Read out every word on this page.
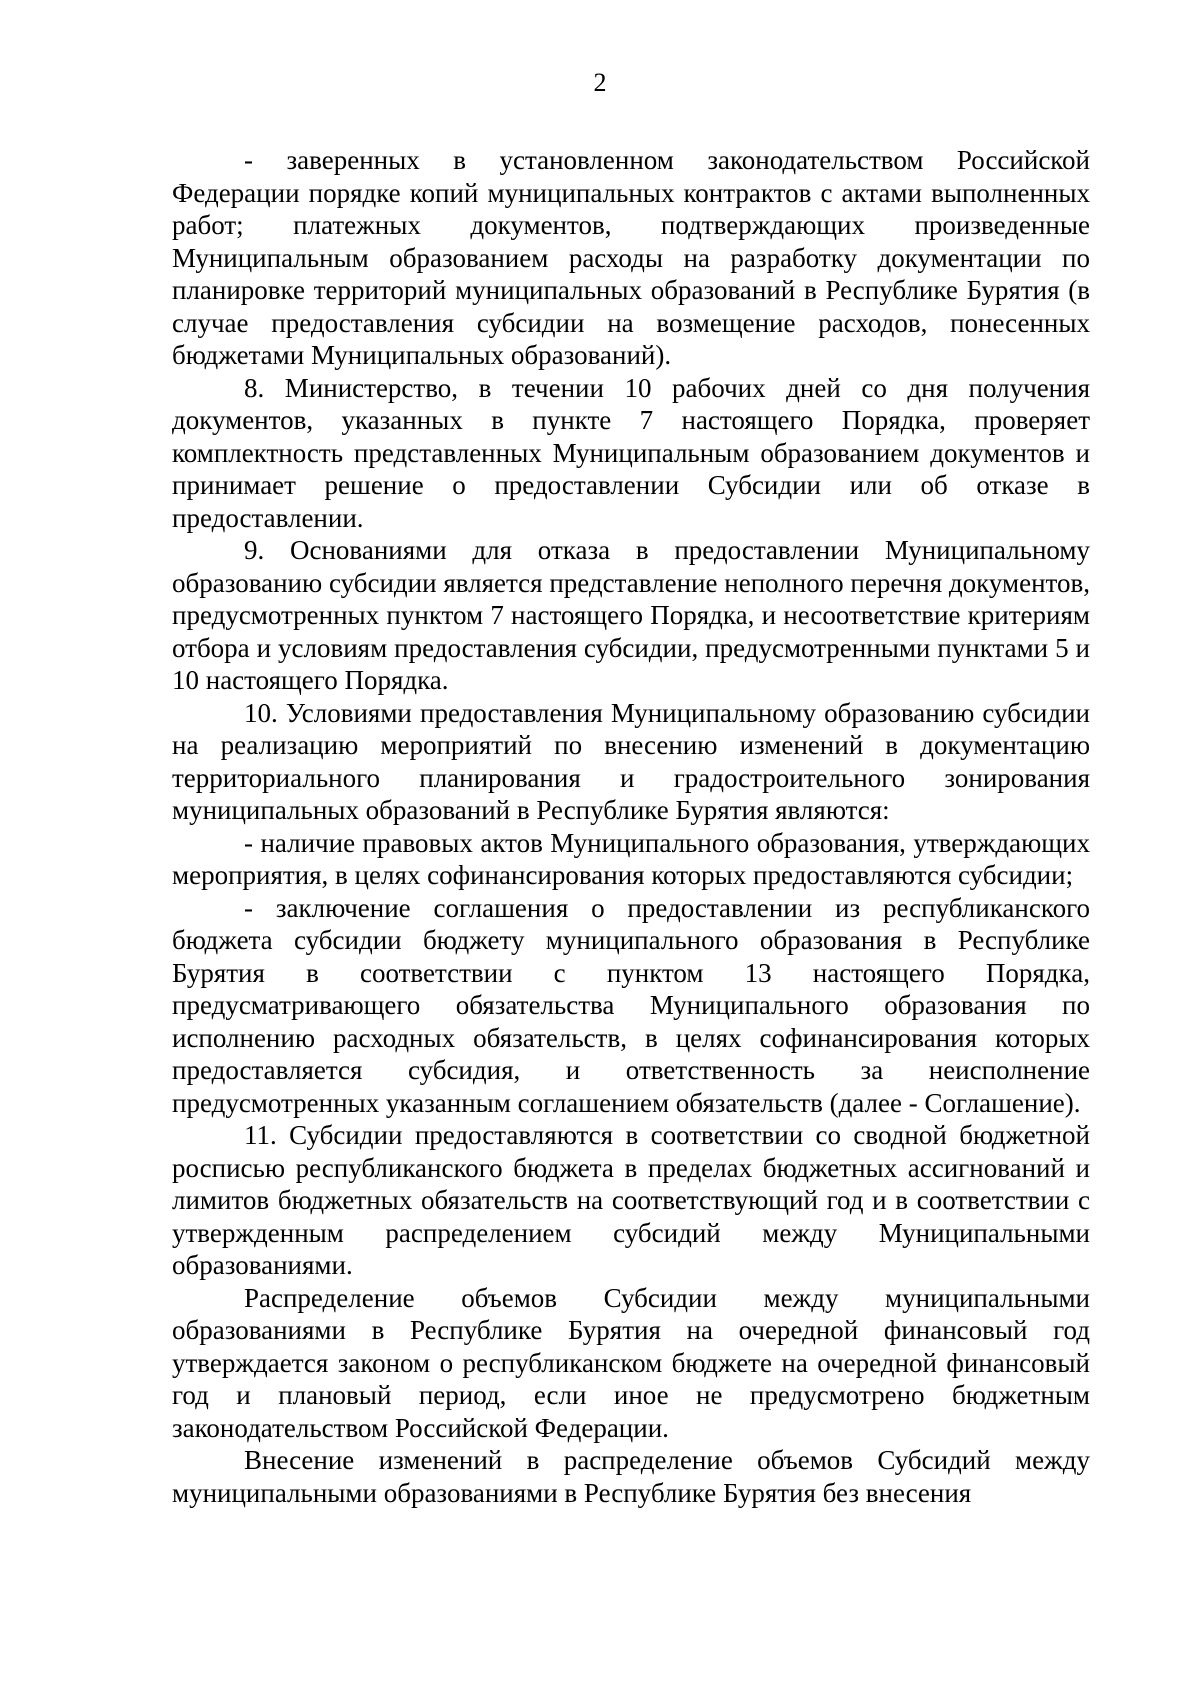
2

- заверенных в установленном законодательством Российской Федерации порядке копий муниципальных контрактов с актами выполненных работ; платежных документов, подтверждающих произведенные Муниципальным образованием расходы на разработку документации по планировке территорий муниципальных образований в Республике Бурятия (в случае предоставления субсидии на возмещение расходов, понесенных бюджетами Муниципальных образований).

8. Министерство, в течении 10 рабочих дней со дня получения документов, указанных в пункте 7 настоящего Порядка, проверяет комплектность представленных Муниципальным образованием документов и принимает решение о предоставлении Субсидии или об отказе в предоставлении.

9. Основаниями для отказа в предоставлении Муниципальному образованию субсидии является представление неполного перечня документов, предусмотренных пунктом 7 настоящего Порядка, и несоответствие критериям отбора и условиям предоставления субсидии, предусмотренными пунктами 5 и 10 настоящего Порядка.

10. Условиями предоставления Муниципальному образованию субсидии на реализацию мероприятий по внесению изменений в документацию территориального планирования и градостроительного зонирования муниципальных образований в Республике Бурятия являются:

- наличие правовых актов Муниципального образования, утверждающих мероприятия, в целях софинансирования которых предоставляются субсидии;

- заключение соглашения о предоставлении из республиканского бюджета субсидии бюджету муниципального образования в Республике Бурятия в соответствии с пунктом 13 настоящего Порядка, предусматривающего обязательства Муниципального образования по исполнению расходных обязательств, в целях софинансирования которых предоставляется субсидия, и ответственность за неисполнение предусмотренных указанным соглашением обязательств (далее - Соглашение).

11. Субсидии предоставляются в соответствии со сводной бюджетной росписью республиканского бюджета в пределах бюджетных ассигнований и лимитов бюджетных обязательств на соответствующий год и в соответствии с утвержденным распределением субсидий между Муниципальными образованиями.

Распределение объемов Субсидии между муниципальными образованиями в Республике Бурятия на очередной финансовый год утверждается законом о республиканском бюджете на очередной финансовый год и плановый период, если иное не предусмотрено бюджетным законодательством Российской Федерации.

Внесение изменений в распределение объемов Субсидий между муниципальными образованиями в Республике Бурятия без внесения
